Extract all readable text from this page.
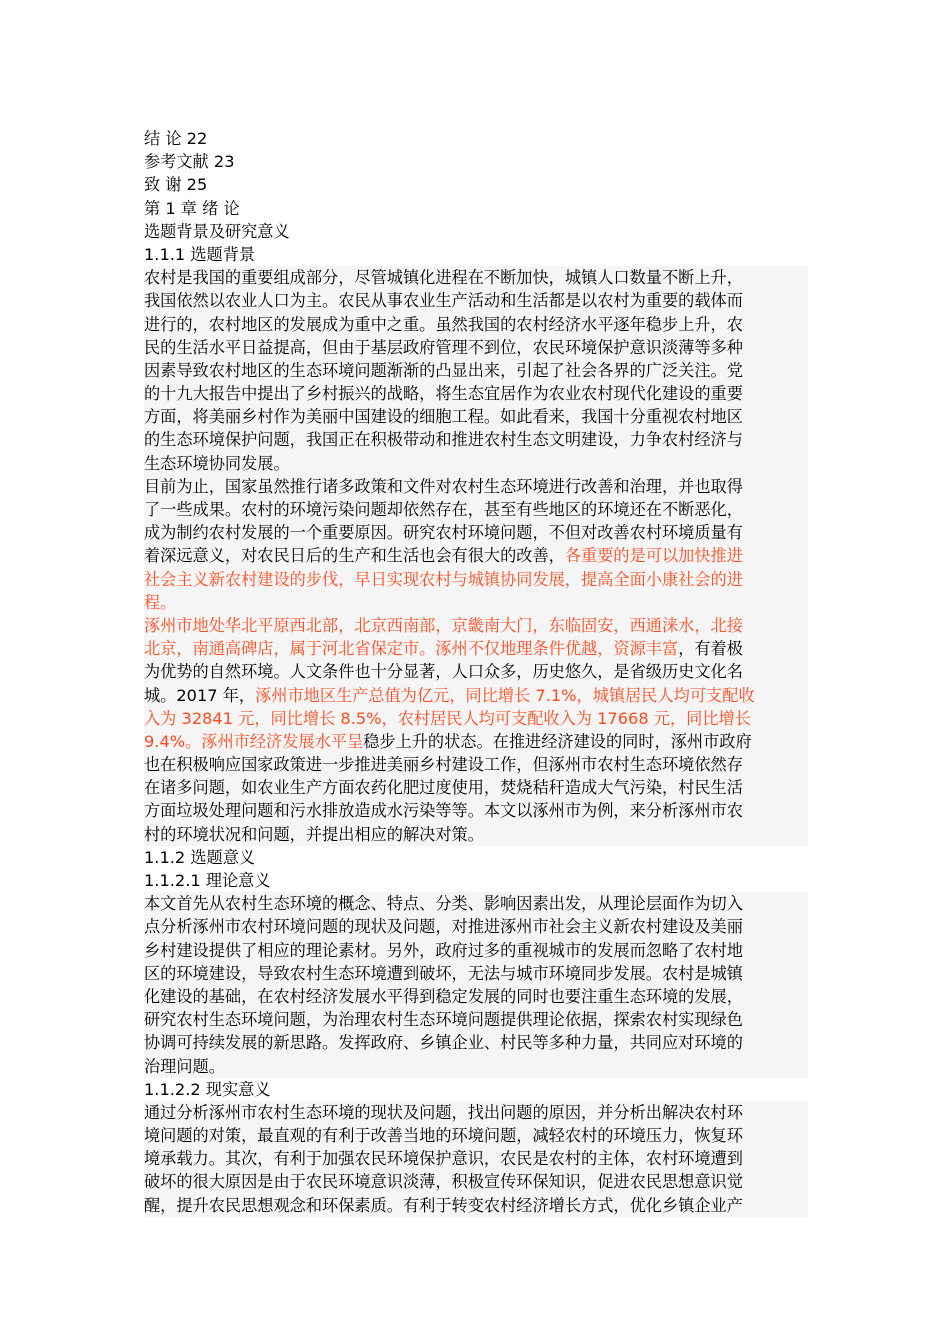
结 论 22
参考文献 23
致 谢 25
第 1 章 绪 论
选题背景及研究意义
1.1.1 选题背景
农村是我国的重要组成部分，尽管城镇化进程在不断加快，城镇人口数量不断上升，
我国依然以农业人口为主。农民从事农业生产活动和生活都是以农村为重要的载体而
进行的，农村地区的发展成为重中之重。虽然我国的农村经济水平逐年稳步上升，农
民的生活水平日益提高，但由于基层政府管理不到位，农民环境保护意识淡薄等多种
因素导致农村地区的生态环境问题渐渐的凸显出来，引起了社会各界的广泛关注。党
的十九大报告中提出了乡村振兴的战略，将生态宜居作为农业农村现代化建设的重要
方面，将美丽乡村作为美丽中国建设的细胞工程。如此看来，我国十分重视农村地区
的生态环境保护问题，我国正在积极带动和推进农村生态文明建设，力争农村经济与
生态环境协同发展。
目前为止，国家虽然推行诸多政策和文件对农村生态环境进行改善和治理，并也取得
了一些成果。农村的环境污染问题却依然存在，甚至有些地区的环境还在不断恶化，
成为制约农村发展的一个重要原因。研究农村环境问题，不但对改善农村环境质量有
着深远意义，对农民日后的生产和生活也会有很大的改善，各重要的是可以加快推进
社会主义新农村建设的步伐，早日实现农村与城镇协同发展，提高全面小康社会的进
程。
涿州市地处华北平原西北部，北京西南部，京畿南大门，东临固安，西通涞水，北接
北京，南通高碑店，属于河北省保定市。涿州不仅地理条件优越，资源丰富，有着极
为优势的自然环境。人文条件也十分显著，人口众多，历史悠久，是省级历史文化名
城。2017 年，涿州市地区生产总值为亿元，同比增长 7.1%，城镇居民人均可支配收
入为 32841 元，同比增长 8.5%，农村居民人均可支配收入为 17668 元，同比增长
9.4%。涿州市经济发展水平呈稳步上升的状态。在推进经济建设的同时，涿州市政府
也在积极响应国家政策进一步推进美丽乡村建设工作，但涿州市农村生态环境依然存
在诸多问题，如农业生产方面农药化肥过度使用，焚烧秸秆造成大气污染，村民生活
方面垃圾处理问题和污水排放造成水污染等等。本文以涿州市为例，来分析涿州市农
村的环境状况和问题，并提出相应的解决对策。
1.1.2 选题意义
1.1.2.1 理论意义
本文首先从农村生态环境的概念、特点、分类、影响因素出发，从理论层面作为切入
点分析涿州市农村环境问题的现状及问题，对推进涿州市社会主义新农村建设及美丽
乡村建设提供了相应的理论素材。另外，政府过多的重视城市的发展而忽略了农村地
区的环境建设，导致农村生态环境遭到破坏，无法与城市环境同步发展。农村是城镇
化建设的基础，在农村经济发展水平得到稳定发展的同时也要注重生态环境的发展，
研究农村生态环境问题，为治理农村生态环境问题提供理论依据，探索农村实现绿色
协调可持续发展的新思路。发挥政府、乡镇企业、村民等多种力量，共同应对环境的
治理问题。
1.1.2.2 现实意义
通过分析涿州市农村生态环境的现状及问题，找出问题的原因，并分析出解决农村环
境问题的对策，最直观的有利于改善当地的环境问题，减轻农村的环境压力，恢复环
境承载力。其次，有利于加强农民环境保护意识，农民是农村的主体，农村环境遭到
破坏的很大原因是由于农民环境意识淡薄，积极宣传环保知识，促进农民思想意识觉
醒，提升农民思想观念和环保素质。有利于转变农村经济增长方式，优化乡镇企业产
